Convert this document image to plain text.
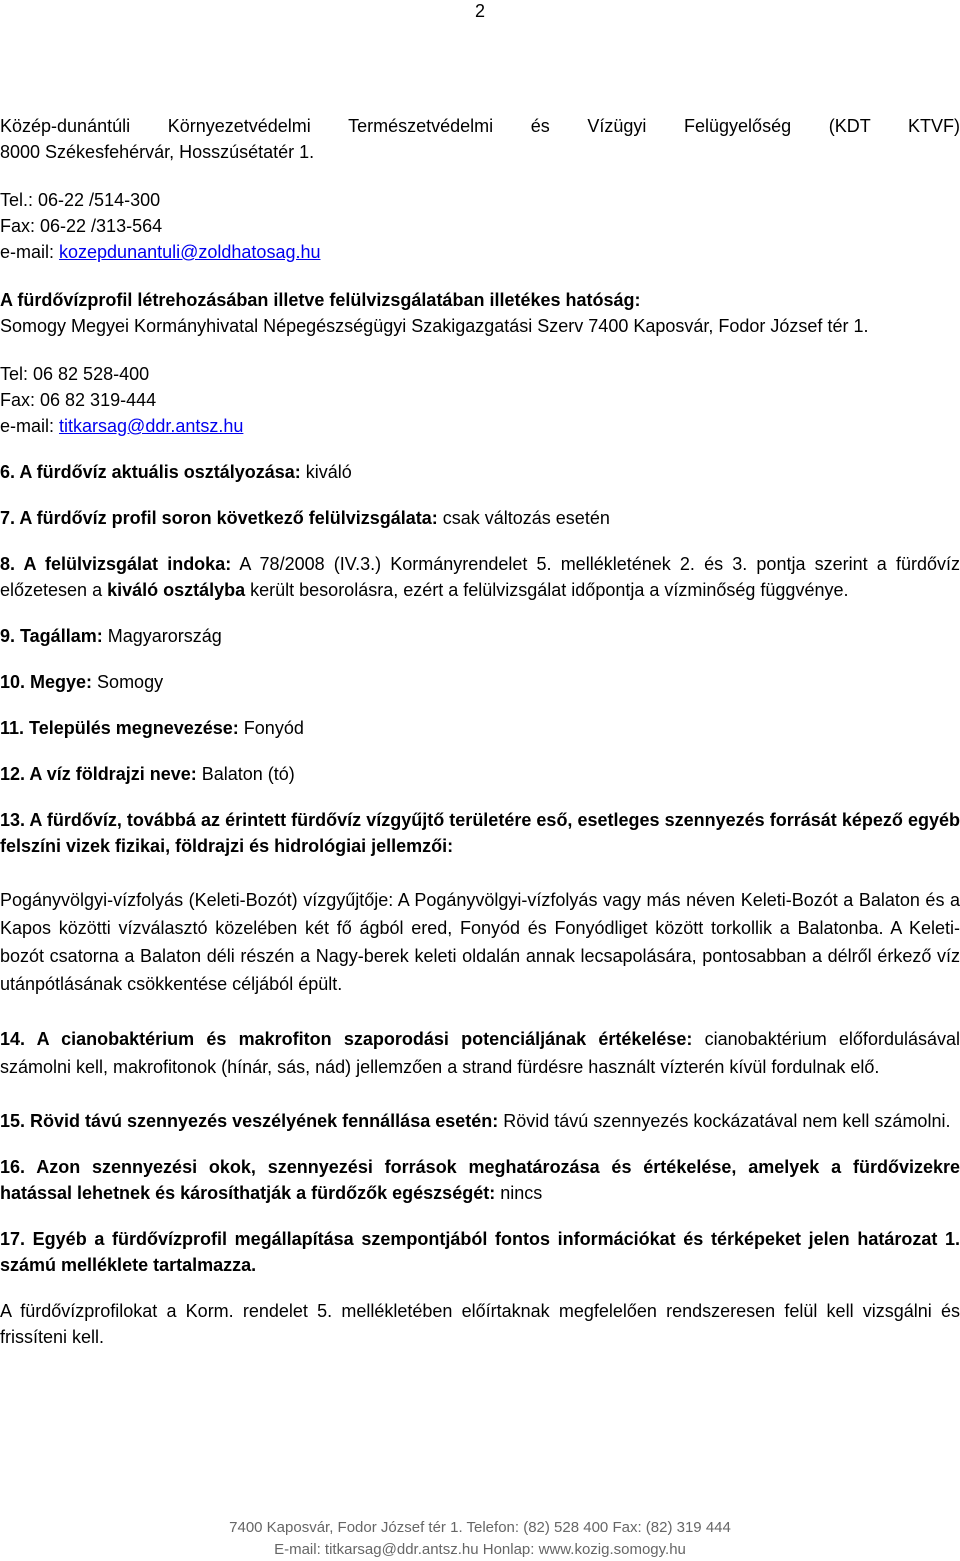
2

Közép-dunántúli Környezetvédelmi Természetvédelmi és Vízügyi Felügyelőség (KDT KTVF)

8000 Székesfehérvár, Hosszúsétatér 1.

Tel.: 06-22 /514-300

Fax: 06-22 /313-564

e-mail: kozepdunantuli@zoldhatosag.hu

A fürdővízprofil létrehozásában illetve felülvizsgálatában illetékes hatóság:

Somogy Megyei Kormányhivatal Népegészségügyi Szakigazgatási Szerv 7400 Kaposvár, Fodor József tér 1.

Tel: 06 82 528-400

Fax: 06 82 319-444

e-mail: titkarsag@ddr.antsz.hu

6. A fürdővíz aktuális osztályozása: kiváló

7. A fürdővíz profil soron következő felülvizsgálata: csak változás esetén

8. A felülvizsgálat indoka: A 78/2008 (IV.3.) Kormányrendelet 5. mellékletének 2. és 3. pontja szerint a fürdővíz előzetesen a kiváló osztályba került besorolásra, ezért a felülvizsgálat időpontja a vízminőség függvénye.

9. Tagállam: Magyarország

10. Megye: Somogy

11. Település megnevezése: Fonyód

12. A víz földrajzi neve: Balaton (tó)

13. A fürdővíz, továbbá az érintett fürdővíz vízgyűjtő területére eső, esetleges szennyezés forrását képező egyéb felszíni vizek fizikai, földrajzi és hidrológiai jellemzői:

Pogányvölgyi-vízfolyás (Keleti-Bozót) vízgyűjtője: A Pogányvölgyi-vízfolyás vagy más néven Keleti-Bozót a Balaton és a Kapos közötti vízválasztó közelében két fő ágból ered, Fonyód és Fonyódliget között torkollik a Balatonba. A Keleti-bozót csatorna a Balaton déli részén a Nagy-berek keleti oldalán annak lecsapolására, pontosabban a délről érkező víz utánpótlásának csökkentése céljából épült.

14. A cianobaktérium és makrofiton szaporodási potenciáljának értékelése: cianobaktérium előfordulásával számolni kell, makrofitonok (hínár, sás, nád) jellemzően a strand fürdésre használt vízterén kívül fordulnak elő.

15. Rövid távú szennyezés veszélyének fennállása esetén: Rövid távú szennyezés kockázatával nem kell számolni.

16. Azon szennyezési okok, szennyezési források meghatározása és értékelése, amelyek a fürdővizekre hatással lehetnek és károsíthatják a fürdőzők egészségét: nincs

17. Egyéb a fürdővízprofil megállapítása szempontjából fontos információkat és térképeket jelen határozat 1. számú melléklete tartalmazza.

A fürdővízprofilokat a Korm. rendelet 5. mellékletében előírtaknak megfelelően rendszeresen felül kell vizsgálni és frissíteni kell.

7400 Kaposvár, Fodor József tér 1. Telefon: (82) 528 400 Fax: (82) 319 444

E-mail: titkarsag@ddr.antsz.hu Honlap: www.kozig.somogy.hu
